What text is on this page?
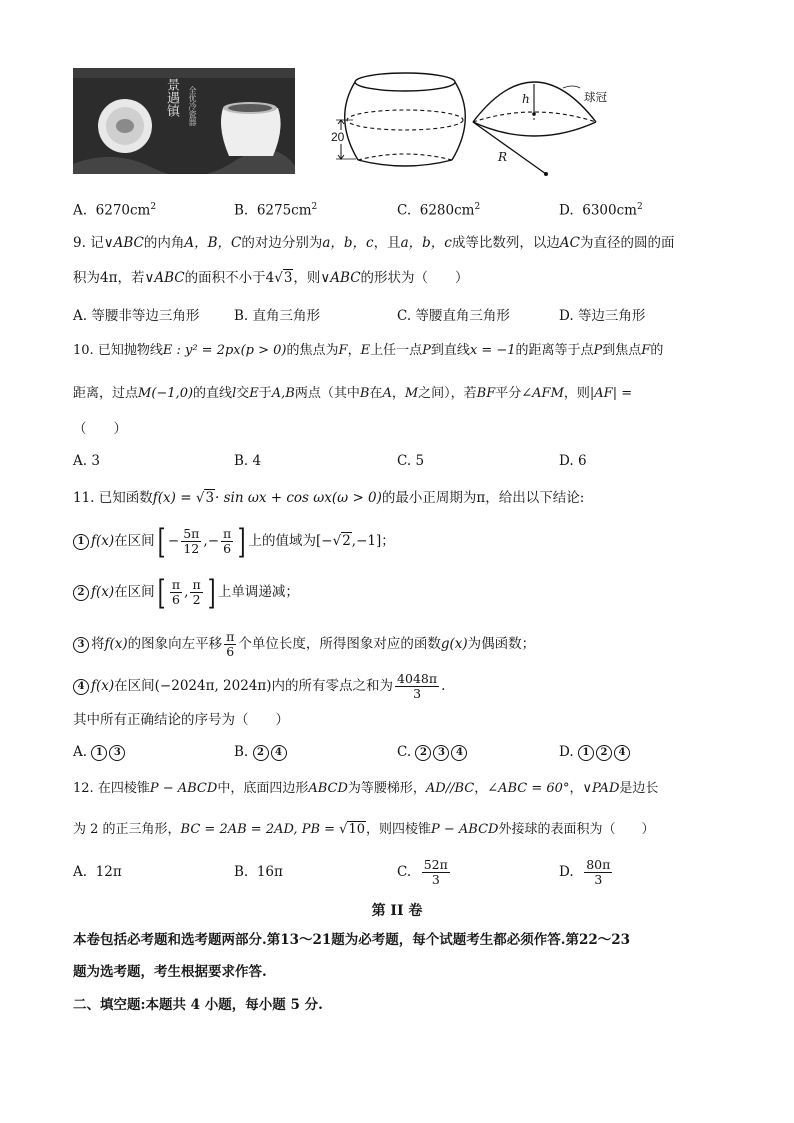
景遇镇	全优冷瓷器
20
h
R
球冠
A. $6270cm^2$	B. $6275cm^2$	C. $6280cm^2$	D. $6300cm^2$
9. 记∨ABC的内角A，B，C的对边分别为a，b，c，且a，b，c成等比数列，以边AC为直径的圆的面
积为4π，若∨ABC的面积不小于4√3，则∨ABC的形状为（　　）
A. 等腰非等边三角形	B. 直角三角形	C. 等腰直角三角形	D. 等边三角形
10. 已知抛物线E : y² = 2px(p > 0)的焦点为F，E上任一点P到直线x = −1的距离等于点P到焦点F的
距离，过点M(−1,0)的直线l交E于A,B两点（其中B在A，M之间），若BF平分∠AFM，则|AF| =
（　　）
A. 3	B. 4	C. 5	D. 6
11. 已知函数f(x) = √3· sin ωx + cos ωx(ω > 0)的最小正周期为π，给出以下结论:
1 f(x)在区间[ − $\frac{5\pi}{12}$ ,− $\frac{\pi}{6}$ ] 上的值域为[−√2,−1]；
2 f(x)在区间[ $\frac{\pi}{6}$ , $\frac{\pi}{2}$ ] 上单调递减；
3 将f(x)的图象向左平移 $\frac{\pi}{6}$ 个单位长度，所得图象对应的函数g(x)为偶函数；
4 f(x)在区间(−2024π, 2024π)内的所有零点之和为 $\frac{4048\pi}{3}$ .
其中所有正确结论的序号为（　　）
A. 1 3	B. 2 4	C. 2 3 4	D. 1 2 4
12. 在四棱锥P − ABCD中，底面四边形ABCD为等腰梯形，AD//BC，∠ABC = 60°，∨PAD是边长
为 2 的正三角形，BC = 2AB = 2AD, PB = √10，则四棱锥P − ABCD外接球的表面积为（　　）
A. 12π	B. 16π	C. $\frac{52\pi}{3}$	D. $\frac{80\pi}{3}$
第 II 卷
本卷包括必考题和选考题两部分.第13～21题为必考题，每个试题考生都必须作答.第22～23
题为选考题，考生根据要求作答.
二、填空题:本题共 4 小题，每小题 5 分.
